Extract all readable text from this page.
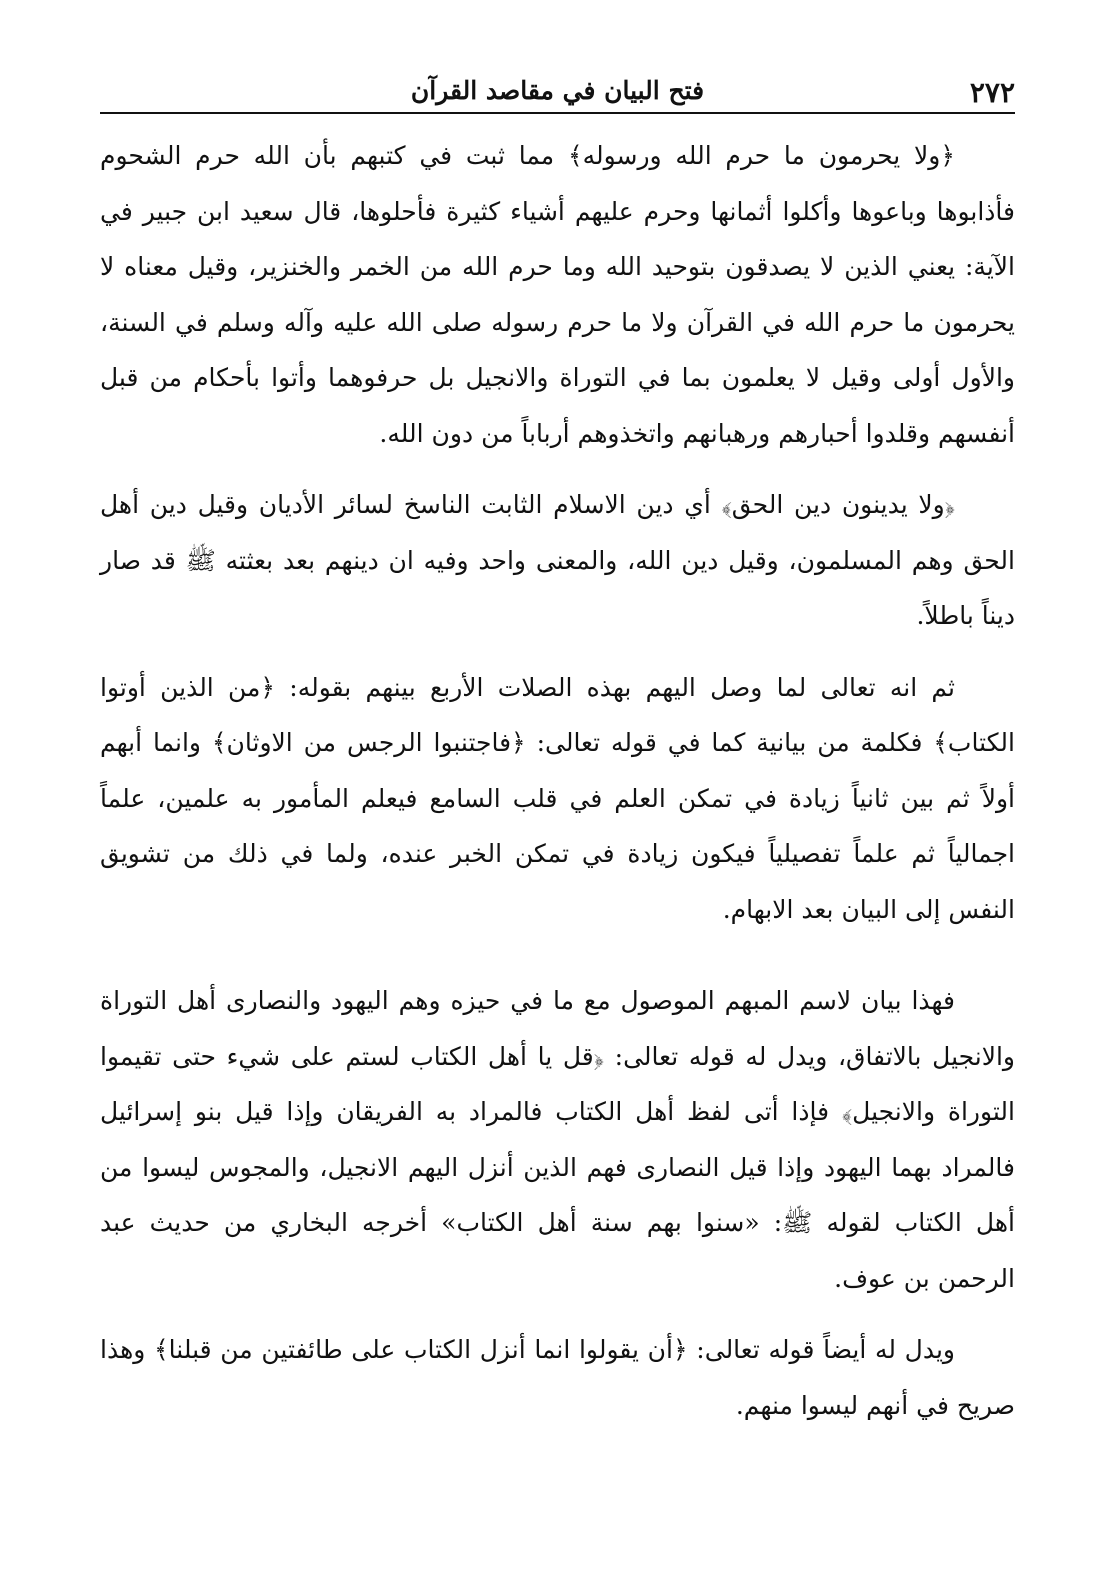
٢٧٢
فتح البيان في مقاصد القرآن

﴿ولا يحرمون ما حرم الله ورسوله﴾ مما ثبت في كتبهم بأن الله حرم الشحوم فأذابوها وباعوها وأكلوا أثمانها وحرم عليهم أشياء كثيرة فأحلوها، قال سعيد ابن جبير في الآية: يعني الذين لا يصدقون بتوحيد الله وما حرم الله من الخمر والخنزير، وقيل معناه لا يحرمون ما حرم الله في القرآن ولا ما حرم رسوله صلى الله عليه وآله وسلم في السنة، والأول أولى وقيل لا يعلمون بما في التوراة والانجيل بل حرفوهما وأتوا بأحكام من قبل أنفسهم وقلدوا أحبارهم ورهبانهم واتخذوهم أرباباً من دون الله.

﴿ولا يدينون دين الحق﴾ أي دين الاسلام الثابت الناسخ لسائر الأديان وقيل دين أهل الحق وهم المسلمون، وقيل دين الله، والمعنى واحد وفيه ان دينهم بعد بعثته ﷺ قد صار ديناً باطلاً.

ثم انه تعالى لما وصل اليهم بهذه الصلات الأربع بينهم بقوله: ﴿من الذين أوتوا الكتاب﴾ فكلمة من بيانية كما في قوله تعالى: ﴿فاجتنبوا الرجس من الاوثان﴾ وانما أبهم أولاً ثم بين ثانياً زيادة في تمكن العلم في قلب السامع فيعلم المأمور به علمين، علماً اجمالياً ثم علماً تفصيلياً فيكون زيادة في تمكن الخبر عنده، ولما في ذلك من تشويق النفس إلى البيان بعد الابهام.

فهذا بيان لاسم المبهم الموصول مع ما في حيزه وهم اليهود والنصارى أهل التوراة والانجيل بالاتفاق، ويدل له قوله تعالى: ﴿قل يا أهل الكتاب لستم على شيء حتى تقيموا التوراة والانجيل﴾ فإذا أتى لفظ أهل الكتاب فالمراد به الفريقان وإذا قيل بنو إسرائيل فالمراد بهما اليهود وإذا قيل النصارى فهم الذين أنزل اليهم الانجيل، والمجوس ليسوا من أهل الكتاب لقوله ﷺ: «سنوا بهم سنة أهل الكتاب» أخرجه البخاري من حديث عبد الرحمن بن عوف.

ويدل له أيضاً قوله تعالى: ﴿أن يقولوا انما أنزل الكتاب على طائفتين من قبلنا﴾ وهذا صريح في أنهم ليسوا منهم.
